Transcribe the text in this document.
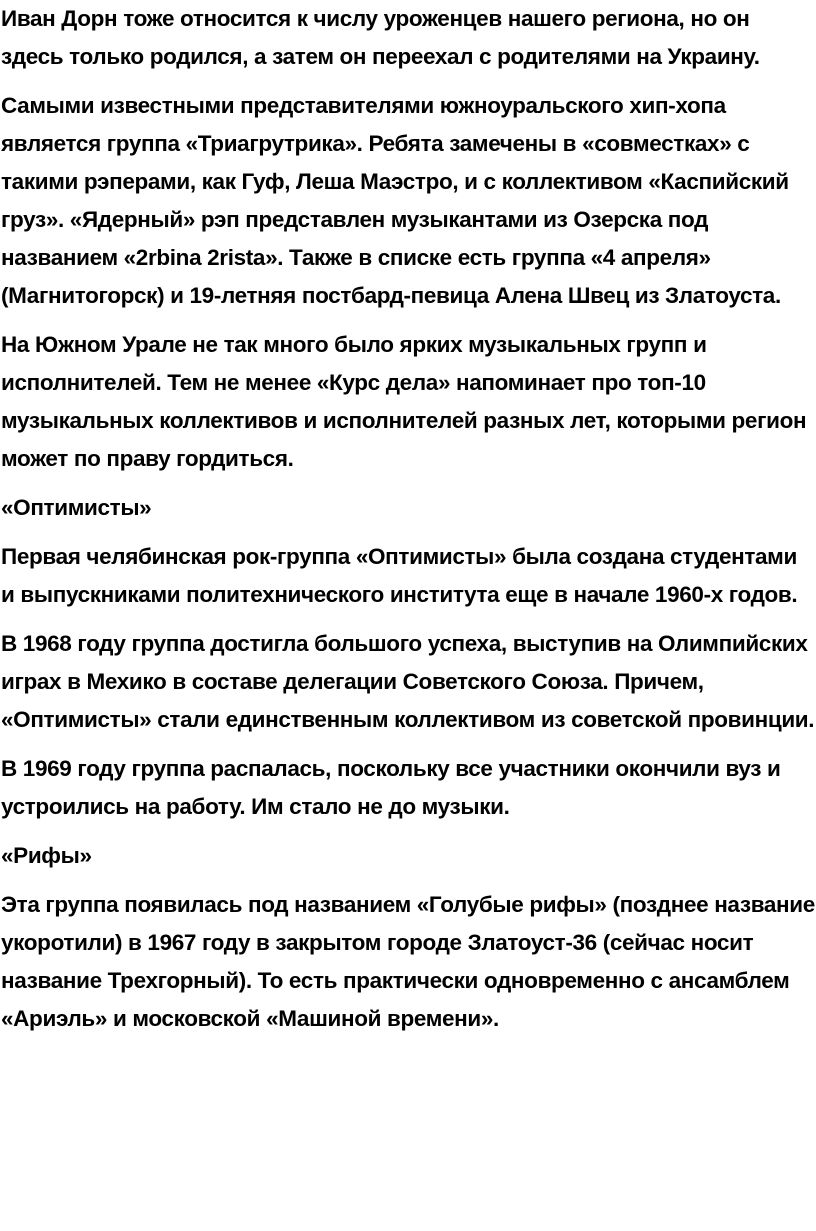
Иван Дорн тоже относится к числу уроженцев нашего региона, но он здесь только родился, а затем он переехал с родителями на Украину.

Самыми известными представителями южноуральского хип-хопа является группа «Триагрутрика». Ребята замечены в «совместках» с такими рэперами, как Гуф, Леша Маэстро, и с коллективом «Каспийский груз». «Ядерный» рэп представлен музыкантами из Озерска под названием «2rbina 2rista». Также в списке есть группа «4 апреля» (Магнитогорск) и 19-летняя постбард-певица Алена Швец из Златоуста.

На Южном Урале не так много было ярких музыкальных групп и исполнителей. Тем не менее «Курс дела» напоминает про топ-10 музыкальных коллективов и исполнителей разных лет, которыми регион может по праву гордиться.

«Оптимисты»

Первая челябинская рок-группа «Оптимисты» была создана студентами и выпускниками политехнического института еще в начале 1960-х годов.

В 1968 году группа достигла большого успеха, выступив на Олимпийских играх в Мехико в составе делегации Советского Союза. Причем, «Оптимисты» стали единственным коллективом из советской провинции.

В 1969 году группа распалась, поскольку все участники окончили вуз и устроились на работу. Им стало не до музыки.

«Рифы»

Эта группа появилась под названием «Голубые рифы» (позднее название укоротили) в 1967 году в закрытом городе Златоуст-36 (сейчас носит название Трехгорный). То есть практически одновременно с ансамблем «Ариэль» и московской «Машиной времени».
